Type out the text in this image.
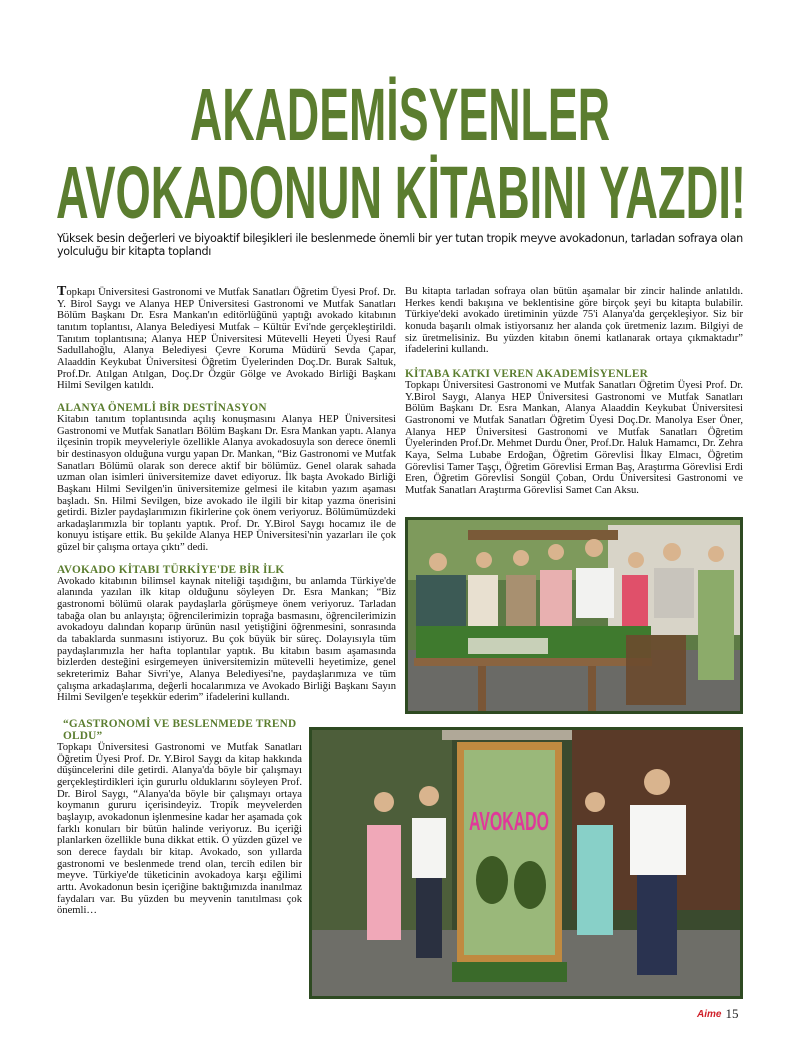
AKADEMİSYENLER
AVOKADONUN KİTABINI YAZDI!
Yüksek besin değerleri ve biyoaktif bileşikleri ile beslenmede önemli bir yer tutan tropik meyve avokadonun, tarladan sofraya olan yolculuğu bir kitapta toplandı

Topkapı Üniversitesi Gastronomi ve Mutfak Sanatları Öğretim Üyesi Prof. Dr. Y. Birol Saygı ve Alanya HEP Üniversitesi Gastronomi ve Mutfak Sanatları Bölüm Başkanı Dr. Esra Mankan'ın editörlüğünü yaptığı avokado kitabının tanıtım toplantısı, Alanya Belediyesi Mutfak – Kültür Evi'nde gerçekleştirildi. Tanıtım toplantısına; Alanya HEP Üniversitesi Mütevelli Heyeti Üyesi Rauf Sadullahoğlu, Alanya Belediyesi Çevre Koruma Müdürü Sevda Çapar, Alaaddin Keykubat Üniversitesi Öğretim Üyelerinden Doç.Dr. Burak Saltuk, Prof.Dr. Atılgan Atılgan, Doç.Dr Özgür Gölge ve Avokado Birliği Başkanı Hilmi Sevilgen katıldı.

ALANYA ÖNEMLİ BİR DESTİNASYON

Kitabın tanıtım toplantısında açılış konuşmasını Alanya HEP Üniversitesi Gastronomi ve Mutfak Sanatları Bölüm Başkanı Dr. Esra Mankan yaptı. Alanya ilçesinin tropik meyveleriyle özellikle Alanya avokadosuyla son derece önemli bir destinasyon olduğuna vurgu yapan Dr. Mankan, “Biz Gastronomi ve Mutfak Sanatları Bölümü olarak son derece aktif bir bölümüz. Genel olarak sahada uzman olan isimleri üniversitemize davet ediyoruz. İlk başta Avokado Birliği Başkanı Hilmi Sevilgen'in üniversitemize gelmesi ile kitabın yazım aşaması başladı. Sn. Hilmi Sevilgen, bize avokado ile ilgili bir kitap yazma önerisini getirdi. Bizler paydaşlarımızın fikirlerine çok önem veriyoruz. Bölümümüzdeki arkadaşlarımızla bir toplantı yaptık. Prof. Dr. Y.Birol Saygı hocamız ile de konuyu istişare ettik. Bu şekilde Alanya HEP Üniversitesi'nin yazarları ile çok güzel bir çalışma ortaya çıktı” dedi.

AVOKADO KİTABI TÜRKİYE'DE BİR İLK

Avokado kitabının bilimsel kaynak niteliği taşıdığını, bu anlamda Türkiye'de alanında yazılan ilk kitap olduğunu söyleyen Dr. Esra Mankan; “Biz gastronomi bölümü olarak paydaşlarla görüşmeye önem veriyoruz. Tarladan tabağa olan bu anlayışta; öğrencilerimizin toprağa basmasını, öğrencilerimizin avokadoyu dalından koparıp ürünün nasıl yetiştiğini öğrenmesini, sonrasında da tabaklarda sunmasını istiyoruz. Bu çok büyük bir süreç. Dolayısıyla tüm paydaşlarımızla her hafta toplantılar yaptık. Bu kitabın basım aşamasında bizlerden desteğini esirgemeyen üniversitemizin mütevelli heyetimize, genel sekreterimiz Bahar Sivri'ye, Alanya Belediyesi'ne, paydaşlarımıza ve tüm çalışma arkadaşlarıma, değerli hocalarımıza ve Avokado Birliği Başkanı Sayın Hilmi Sevilgen'e teşekkür ederim” ifadelerini kullandı.

“GASTRONOMİ VE BESLENMEDE TREND OLDU”

Topkapı Üniversitesi Gastronomi ve Mutfak Sanatları Öğretim Üyesi Prof. Dr. Y.Birol Saygı da kitap hakkında düşüncelerini dile getirdi. Alanya'da böyle bir çalışmayı gerçekleştirdikleri için gururlu olduklarını söyleyen Prof. Dr. Birol Saygı, “Alanya'da böyle bir çalışmayı ortaya koymanın gururu içerisindeyiz. Tropik meyvelerden başlayıp, avokadonun işlenmesine kadar her aşamada çok farklı konuları bir bütün halinde veriyoruz. Bu içeriği planlarken özellikle buna dikkat ettik. O yüzden güzel ve son derece faydalı bir kitap. Avokado, son yıllarda gastronomi ve beslenmede trend olan, tercih edilen bir meyve. Türkiye'de tüketicinin avokadoya karşı eğilimi arttı. Avokadonun besin içeriğine baktığımızda inanılmaz faydaları var. Bu yüzden bu meyvenin tanıtılması çok önemli…

Bu kitapta tarladan sofraya olan bütün aşamalar bir zincir halinde anlatıldı. Herkes kendi bakışına ve beklentisine göre birçok şeyi bu kitapta bulabilir. Türkiye'deki avokado üretiminin yüzde 75'i Alanya'da gerçekleşiyor. Siz bir konuda başarılı olmak istiyorsanız her alanda çok üretmeniz lazım. Bilgiyi de siz üretmelisiniz. Bu yüzden kitabın önemi katlanarak ortaya çıkmaktadır” ifadelerini kullandı.

KİTABA KATKI VEREN AKADEMİSYENLER

Topkapı Üniversitesi Gastronomi ve Mutfak Sanatları Öğretim Üyesi Prof. Dr. Y.Birol Saygı, Alanya HEP Üniversitesi Gastronomi ve Mutfak Sanatları Bölüm Başkanı Dr. Esra Mankan, Alanya Alaaddin Keykubat Üniversitesi Gastronomi ve Mutfak Sanatları Öğretim Üyesi Doç.Dr. Manolya Eser Öner, Alanya HEP Üniversitesi Gastronomi ve Mutfak Sanatları Öğretim Üyelerinden Prof.Dr. Mehmet Durdu Öner, Prof.Dr. Haluk Hamamcı, Dr. Zehra Kaya, Selma Lubabe Erdoğan, Öğretim Görevlisi İlkay Elmacı, Öğretim Görevlisi Tamer Taşçı, Öğretim Görevlisi Erman Baş, Araştırma Görevlisi Erdi Eren, Öğretim Görevlisi Songül Çoban, Ordu Üniversitesi Gastronomi ve Mutfak Sanatları Araştırma Görevlisi Samet Can Aksu.

AVOKADO
Aime 15
